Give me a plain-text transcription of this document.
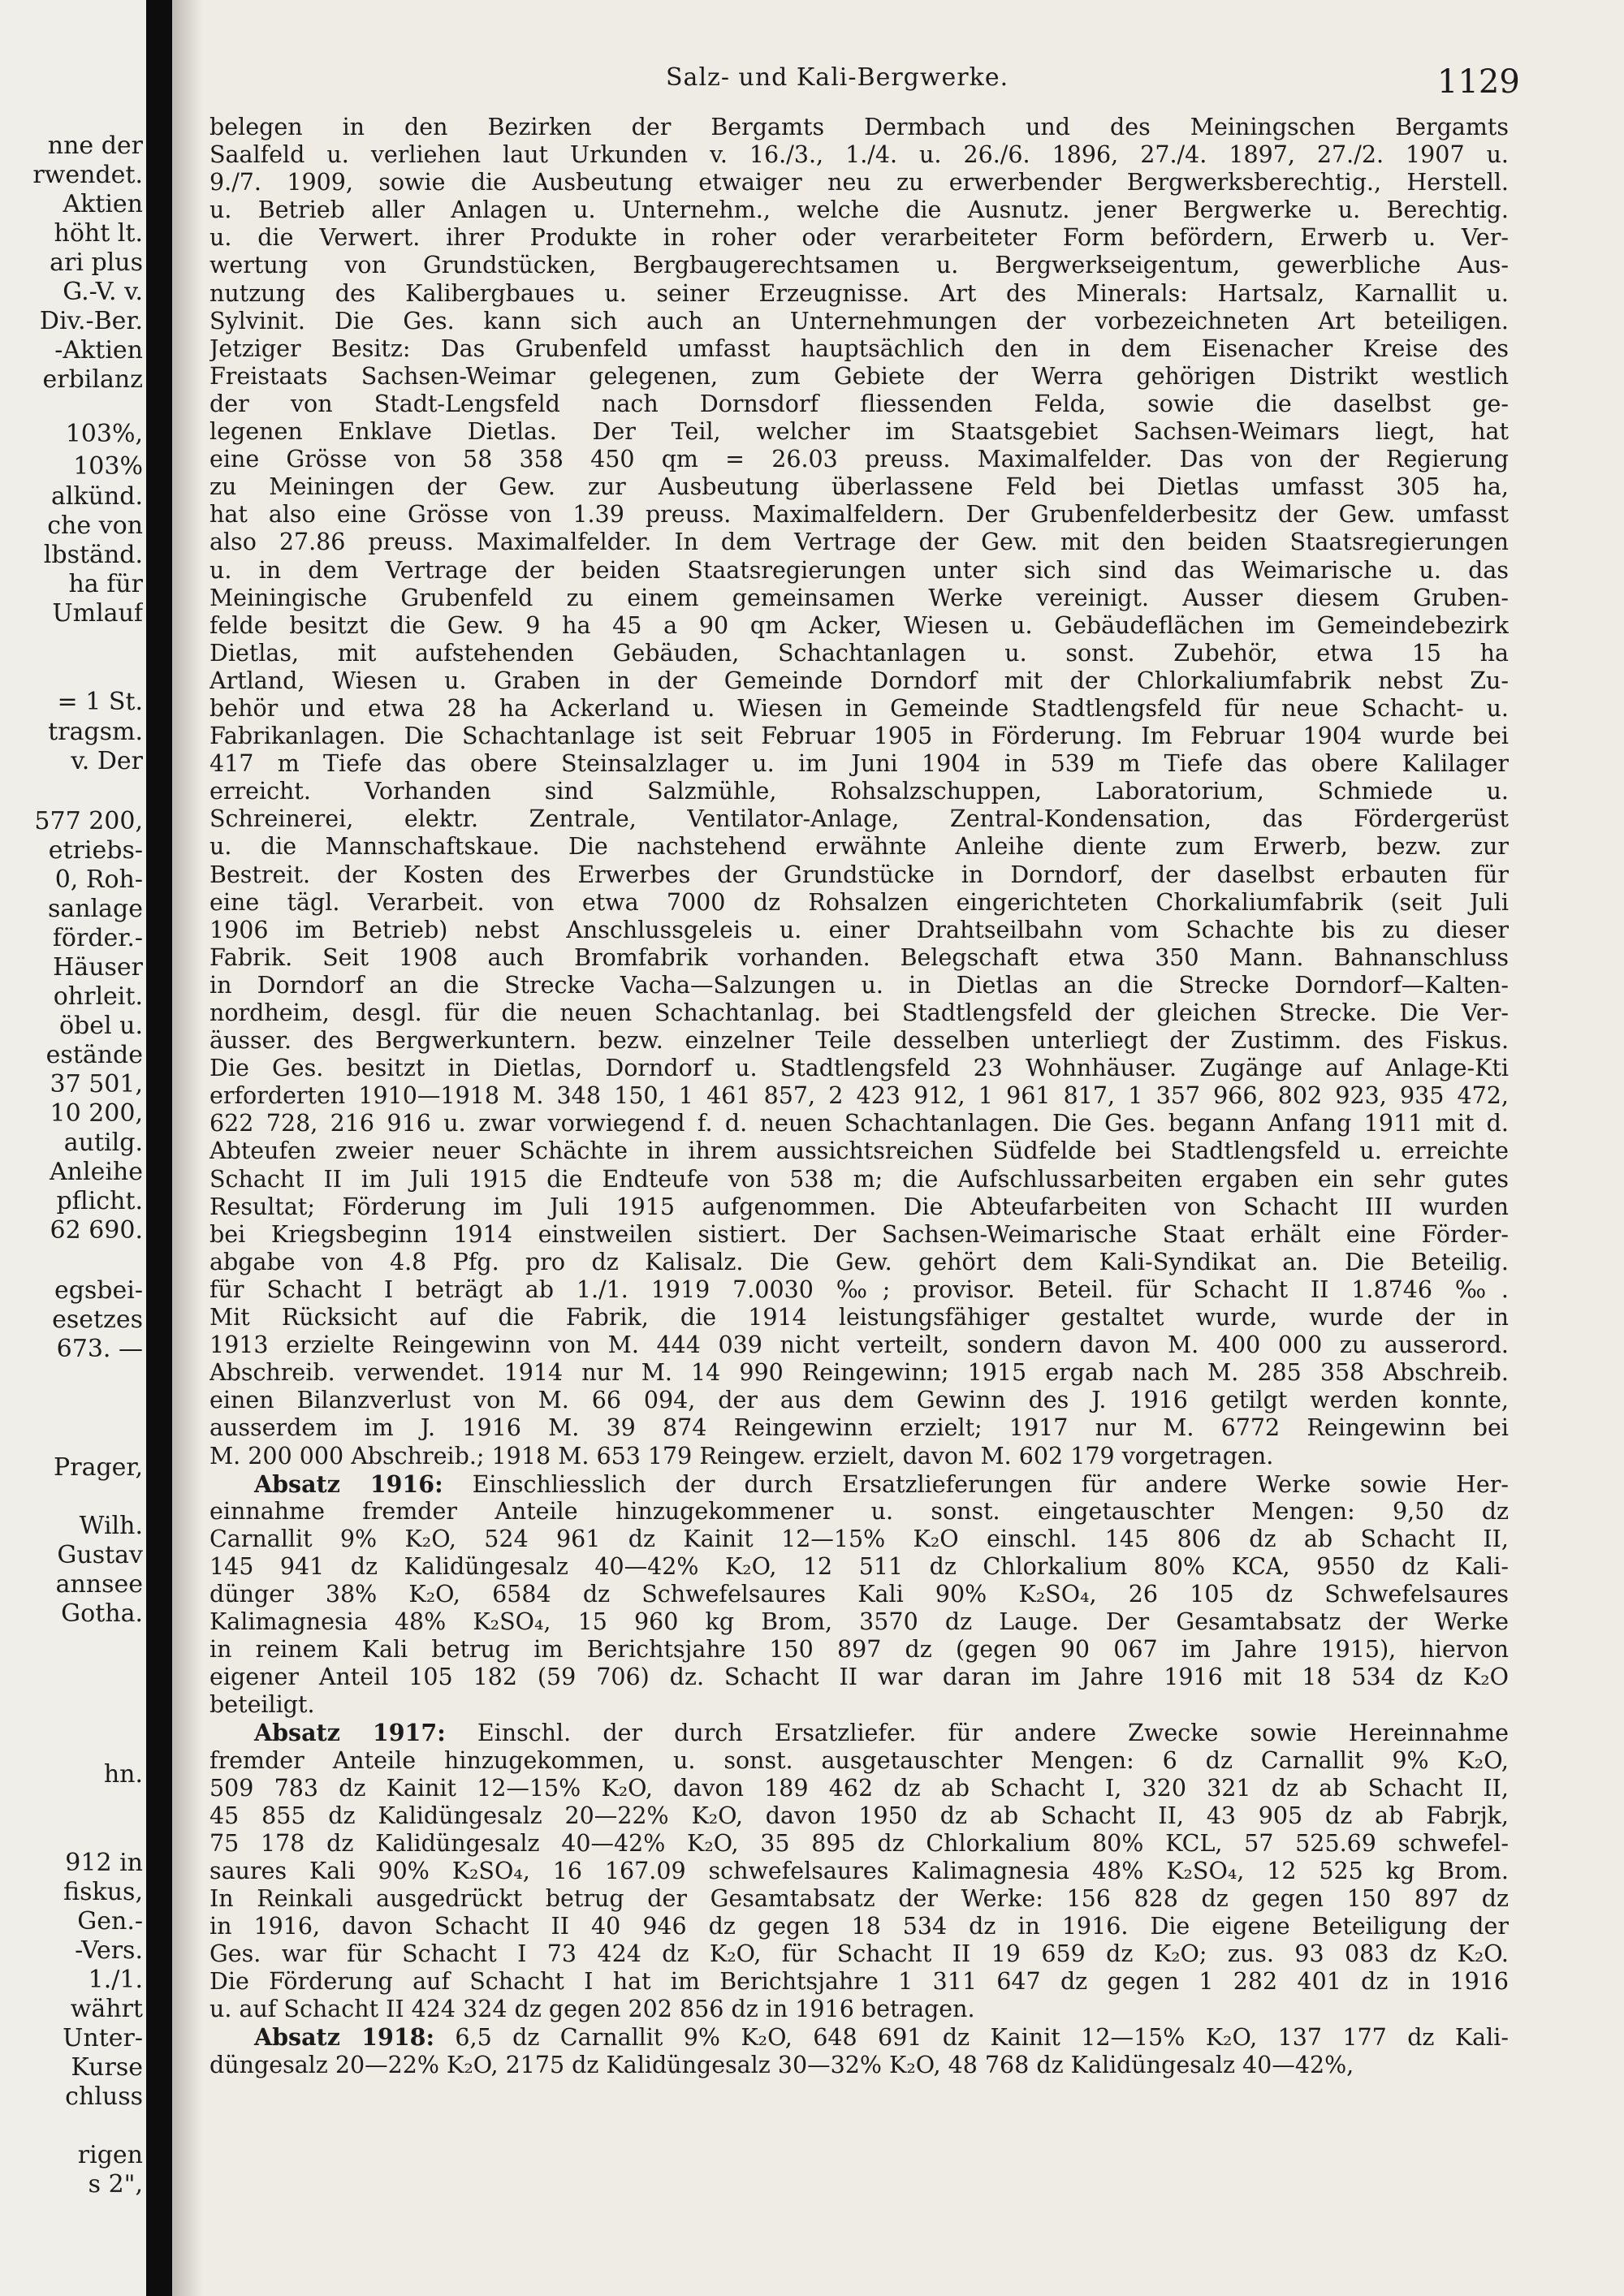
nne der
rwendet.
Aktien
höht lt.
ari plus
G.-V. v.
Div.-Ber.
-Aktien
erbilanz
103%,
103%
alkünd.
che von
lbständ.
ha für
Umlauf
= 1 St.
tragsm.
v. Der
577 200,
etriebs-
0, Roh-
sanlage
förder.-
Häuser
ohrleit.
öbel u.
estände
37 501,
10 200,
autilg.
Anleihe
pflicht.
62 690.
egsbei-
esetzes
673. —
Prager,
Wilh.
Gustav
annsee
Gotha.
hn.
912 in
fiskus,
Gen.-
-Vers.
1./1.
währt
Unter-
Kurse
chluss
rigen
s 2",
Salz- und Kali-Bergwerke.	1129
belegen in den Bezirken der Bergamts Dermbach und des Meiningschen Bergamts
Saalfeld u. verliehen laut Urkunden v. 16./3., 1./4. u. 26./6. 1896, 27./4. 1897, 27./2. 1907 u.
9./7. 1909, sowie die Ausbeutung etwaiger neu zu erwerbender Bergwerksberechtig., Herstell.
u. Betrieb aller Anlagen u. Unternehm., welche die Ausnutz. jener Bergwerke u. Berechtig.
u. die Verwert. ihrer Produkte in roher oder verarbeiteter Form befördern, Erwerb u. Ver-
wertung von Grundstücken, Bergbaugerechtsamen u. Bergwerkseigentum, gewerbliche Aus-
nutzung des Kalibergbaues u. seiner Erzeugnisse. Art des Minerals: Hartsalz, Karnallit u.
Sylvinit. Die Ges. kann sich auch an Unternehmungen der vorbezeichneten Art beteiligen.
Jetziger Besitz: Das Grubenfeld umfasst hauptsächlich den in dem Eisenacher Kreise des
Freistaats Sachsen-Weimar gelegenen, zum Gebiete der Werra gehörigen Distrikt westlich
der von Stadt-Lengsfeld nach Dornsdorf fliessenden Felda, sowie die daselbst ge-
legenen Enklave Dietlas. Der Teil, welcher im Staatsgebiet Sachsen-Weimars liegt, hat
eine Grösse von 58 358 450 qm = 26.03 preuss. Maximalfelder. Das von der Regierung
zu Meiningen der Gew. zur Ausbeutung überlassene Feld bei Dietlas umfasst 305 ha,
hat also eine Grösse von 1.39 preuss. Maximalfeldern. Der Grubenfelderbesitz der Gew. umfasst
also 27.86 preuss. Maximalfelder. In dem Vertrage der Gew. mit den beiden Staatsregierungen
u. in dem Vertrage der beiden Staatsregierungen unter sich sind das Weimarische u. das
Meiningische Grubenfeld zu einem gemeinsamen Werke vereinigt. Ausser diesem Gruben-
felde besitzt die Gew. 9 ha 45 a 90 qm Acker, Wiesen u. Gebäudeflächen im Gemeindebezirk
Dietlas, mit aufstehenden Gebäuden, Schachtanlagen u. sonst. Zubehör, etwa 15 ha
Artland, Wiesen u. Graben in der Gemeinde Dorndorf mit der Chlorkaliumfabrik nebst Zu-
behör und etwa 28 ha Ackerland u. Wiesen in Gemeinde Stadtlengsfeld für neue Schacht- u.
Fabrikanlagen. Die Schachtanlage ist seit Februar 1905 in Förderung. Im Februar 1904 wurde bei
417 m Tiefe das obere Steinsalzlager u. im Juni 1904 in 539 m Tiefe das obere Kalilager
erreicht. Vorhanden sind Salzmühle, Rohsalzschuppen, Laboratorium, Schmiede u.
Schreinerei, elektr. Zentrale, Ventilator-Anlage, Zentral-Kondensation, das Fördergerüst
u. die Mannschaftskaue. Die nachstehend erwähnte Anleihe diente zum Erwerb, bezw. zur
Bestreit. der Kosten des Erwerbes der Grundstücke in Dorndorf, der daselbst erbauten für
eine tägl. Verarbeit. von etwa 7000 dz Rohsalzen eingerichteten Chorkaliumfabrik (seit Juli
1906 im Betrieb) nebst Anschlussgeleis u. einer Drahtseilbahn vom Schachte bis zu dieser
Fabrik. Seit 1908 auch Bromfabrik vorhanden. Belegschaft etwa 350 Mann. Bahnanschluss
in Dorndorf an die Strecke Vacha—Salzungen u. in Dietlas an die Strecke Dorndorf—Kalten-
nordheim, desgl. für die neuen Schachtanlag. bei Stadtlengsfeld der gleichen Strecke. Die Ver-
äusser. des Bergwerkuntern. bezw. einzelner Teile desselben unterliegt der Zustimm. des Fiskus.
Die Ges. besitzt in Dietlas, Dorndorf u. Stadtlengsfeld 23 Wohnhäuser. Zugänge auf Anlage-Kti
erforderten 1910—1918 M. 348 150, 1 461 857, 2 423 912, 1 961 817, 1 357 966, 802 923, 935 472,
622 728, 216 916 u. zwar vorwiegend f. d. neuen Schachtanlagen. Die Ges. begann Anfang 1911 mit d.
Abteufen zweier neuer Schächte in ihrem aussichtsreichen Südfelde bei Stadtlengsfeld u. erreichte
Schacht II im Juli 1915 die Endteufe von 538 m; die Aufschlussarbeiten ergaben ein sehr gutes
Resultat; Förderung im Juli 1915 aufgenommen. Die Abteufarbeiten von Schacht III wurden
bei Kriegsbeginn 1914 einstweilen sistiert. Der Sachsen-Weimarische Staat erhält eine Förder-
abgabe von 4.8 Pfg. pro dz Kalisalz. Die Gew. gehört dem Kali-Syndikat an. Die Beteilig.
für Schacht I beträgt ab 1./1. 1919 7.0030 ‰; provisor. Beteil. für Schacht II 1.8746 ‰.
Mit Rücksicht auf die Fabrik, die 1914 leistungsfähiger gestaltet wurde, wurde der in
1913 erzielte Reingewinn von M. 444 039 nicht verteilt, sondern davon M. 400 000 zu ausserord.
Abschreib. verwendet. 1914 nur M. 14 990 Reingewinn; 1915 ergab nach M. 285 358 Abschreib.
einen Bilanzverlust von M. 66 094, der aus dem Gewinn des J. 1916 getilgt werden konnte,
ausserdem im J. 1916 M. 39 874 Reingewinn erzielt; 1917 nur M. 6772 Reingewinn bei
M. 200 000 Abschreib.; 1918 M. 653 179 Reingew. erzielt, davon M. 602 179 vorgetragen.
Absatz 1916: Einschliesslich der durch Ersatzlieferungen für andere Werke sowie Her-
einnahme fremder Anteile hinzugekommener u. sonst. eingetauschter Mengen: 9,50 dz
Carnallit 9% K₂O, 524 961 dz Kainit 12—15% K₂O einschl. 145 806 dz ab Schacht II,
145 941 dz Kalidüngesalz 40—42% K₂O, 12 511 dz Chlorkalium 80% KCA, 9550 dz Kali-
dünger 38% K₂O, 6584 dz Schwefelsaures Kali 90% K₂SO₄, 26 105 dz Schwefelsaures
Kalimagnesia 48% K₂SO₄, 15 960 kg Brom, 3570 dz Lauge. Der Gesamtabsatz der Werke
in reinem Kali betrug im Berichtsjahre 150 897 dz (gegen 90 067 im Jahre 1915), hiervon
eigener Anteil 105 182 (59 706) dz. Schacht II war daran im Jahre 1916 mit 18 534 dz K₂O
beteiligt.
Absatz 1917: Einschl. der durch Ersatzliefer. für andere Zwecke sowie Hereinnahme
fremder Anteile hinzugekommen, u. sonst. ausgetauschter Mengen: 6 dz Carnallit 9% K₂O,
509 783 dz Kainit 12—15% K₂O, davon 189 462 dz ab Schacht I, 320 321 dz ab Schacht II,
45 855 dz Kalidüngesalz 20—22% K₂O, davon 1950 dz ab Schacht II, 43 905 dz ab Fabrjk,
75 178 dz Kalidüngesalz 40—42% K₂O, 35 895 dz Chlorkalium 80% KCL, 57 525.69 schwefel-
saures Kali 90% K₂SO₄, 16 167.09 schwefelsaures Kalimagnesia 48% K₂SO₄, 12 525 kg Brom.
In Reinkali ausgedrückt betrug der Gesamtabsatz der Werke: 156 828 dz gegen 150 897 dz
in 1916, davon Schacht II 40 946 dz gegen 18 534 dz in 1916. Die eigene Beteiligung der
Ges. war für Schacht I 73 424 dz K₂O, für Schacht II 19 659 dz K₂O; zus. 93 083 dz K₂O.
Die Förderung auf Schacht I hat im Berichtsjahre 1 311 647 dz gegen 1 282 401 dz in 1916
u. auf Schacht II 424 324 dz gegen 202 856 dz in 1916 betragen.
Absatz 1918: 6,5 dz Carnallit 9% K₂O, 648 691 dz Kainit 12—15% K₂O, 137 177 dz Kali-
düngesalz 20—22% K₂O, 2175 dz Kalidüngesalz 30—32% K₂O, 48 768 dz Kalidüngesalz 40—42%,
